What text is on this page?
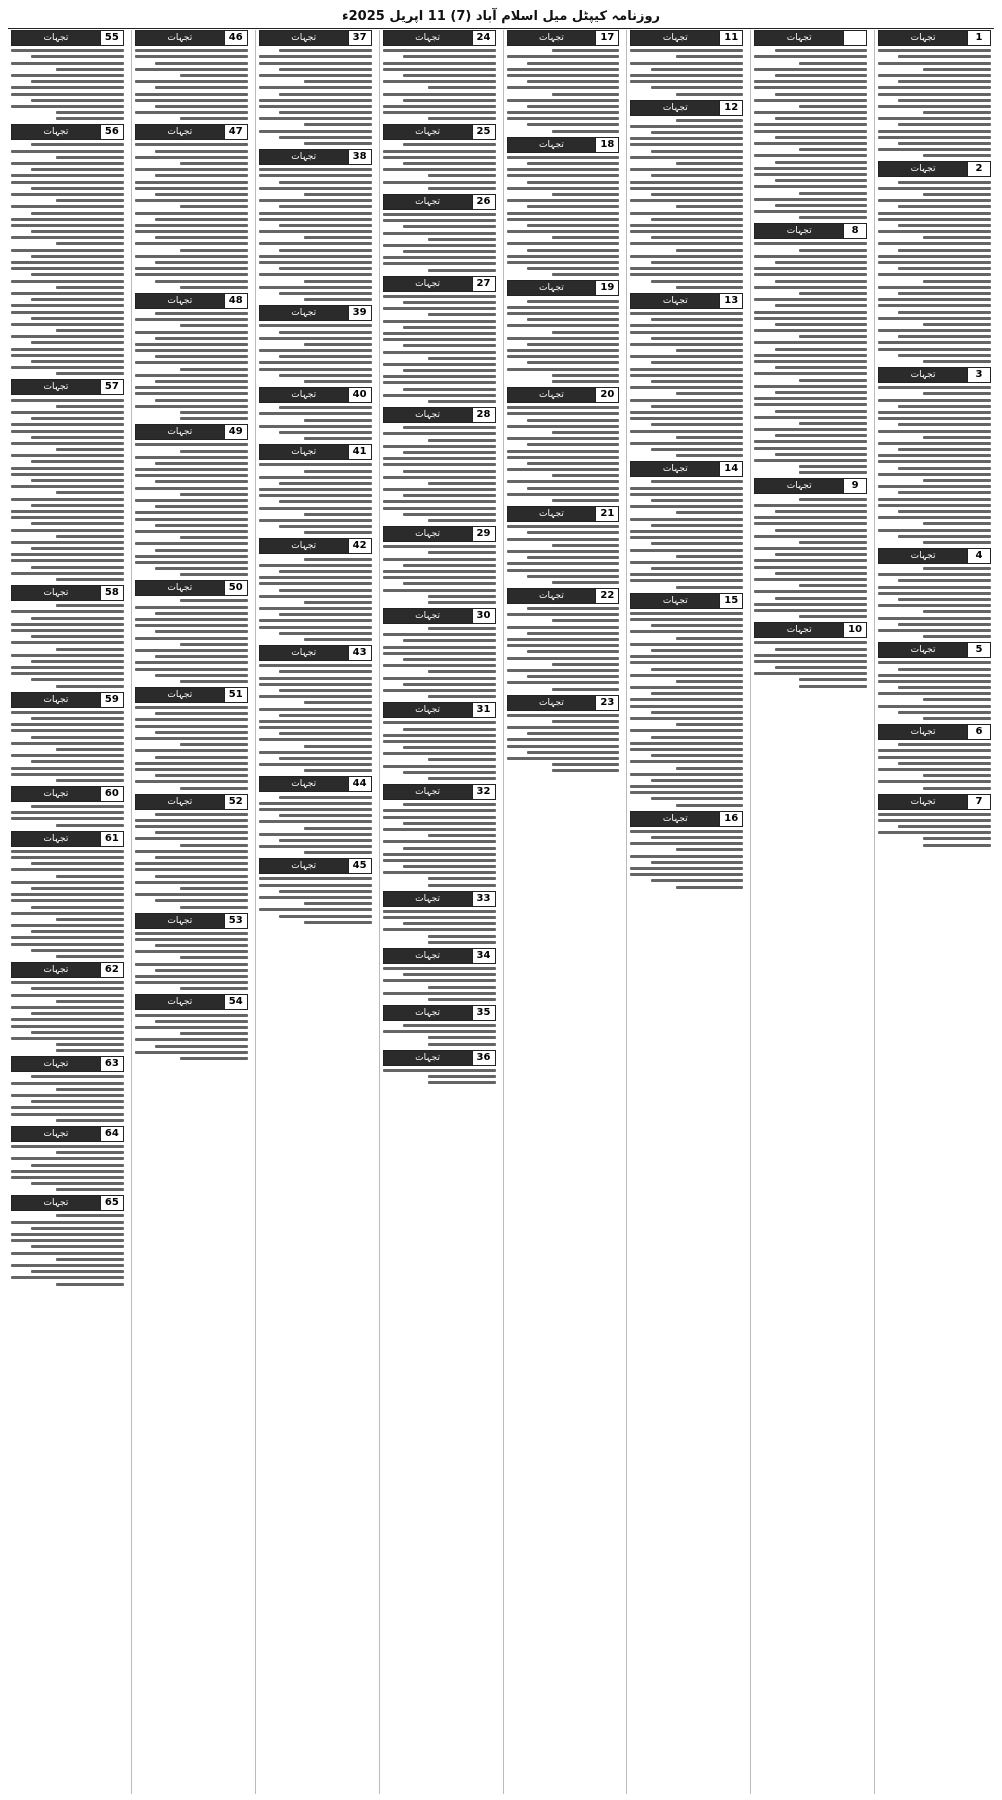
روزنامہ کیپٹل میل اسلام آباد (7) 11 اپریل 2025ء
1
تجہات
2
تجہات
3
تجہات
4
تجہات
5
تجہات
6
تجہات
7
تجہات
تجہات
8
تجہات
9
تجہات
10
تجہات
11
تجہات
12
تجہات
13
تجہات
14
تجہات
15
تجہات
16
تجہات
17
تجہات
18
تجہات
19
تجہات
20
تجہات
21
تجہات
22
تجہات
23
تجہات
24
تجہات
25
تجہات
26
تجہات
27
تجہات
28
تجہات
29
تجہات
30
تجہات
31
تجہات
32
تجہات
33
تجہات
34
تجہات
35
تجہات
36
تجہات
37
تجہات
38
تجہات
39
تجہات
40
تجہات
41
تجہات
42
تجہات
43
تجہات
44
تجہات
45
تجہات
46
تجہات
47
تجہات
48
تجہات
49
تجہات
50
تجہات
51
تجہات
52
تجہات
53
تجہات
54
تجہات
55
تجہات
56
تجہات
57
تجہات
58
تجہات
59
تجہات
60
تجہات
61
تجہات
62
تجہات
63
تجہات
64
تجہات
65
تجہات
